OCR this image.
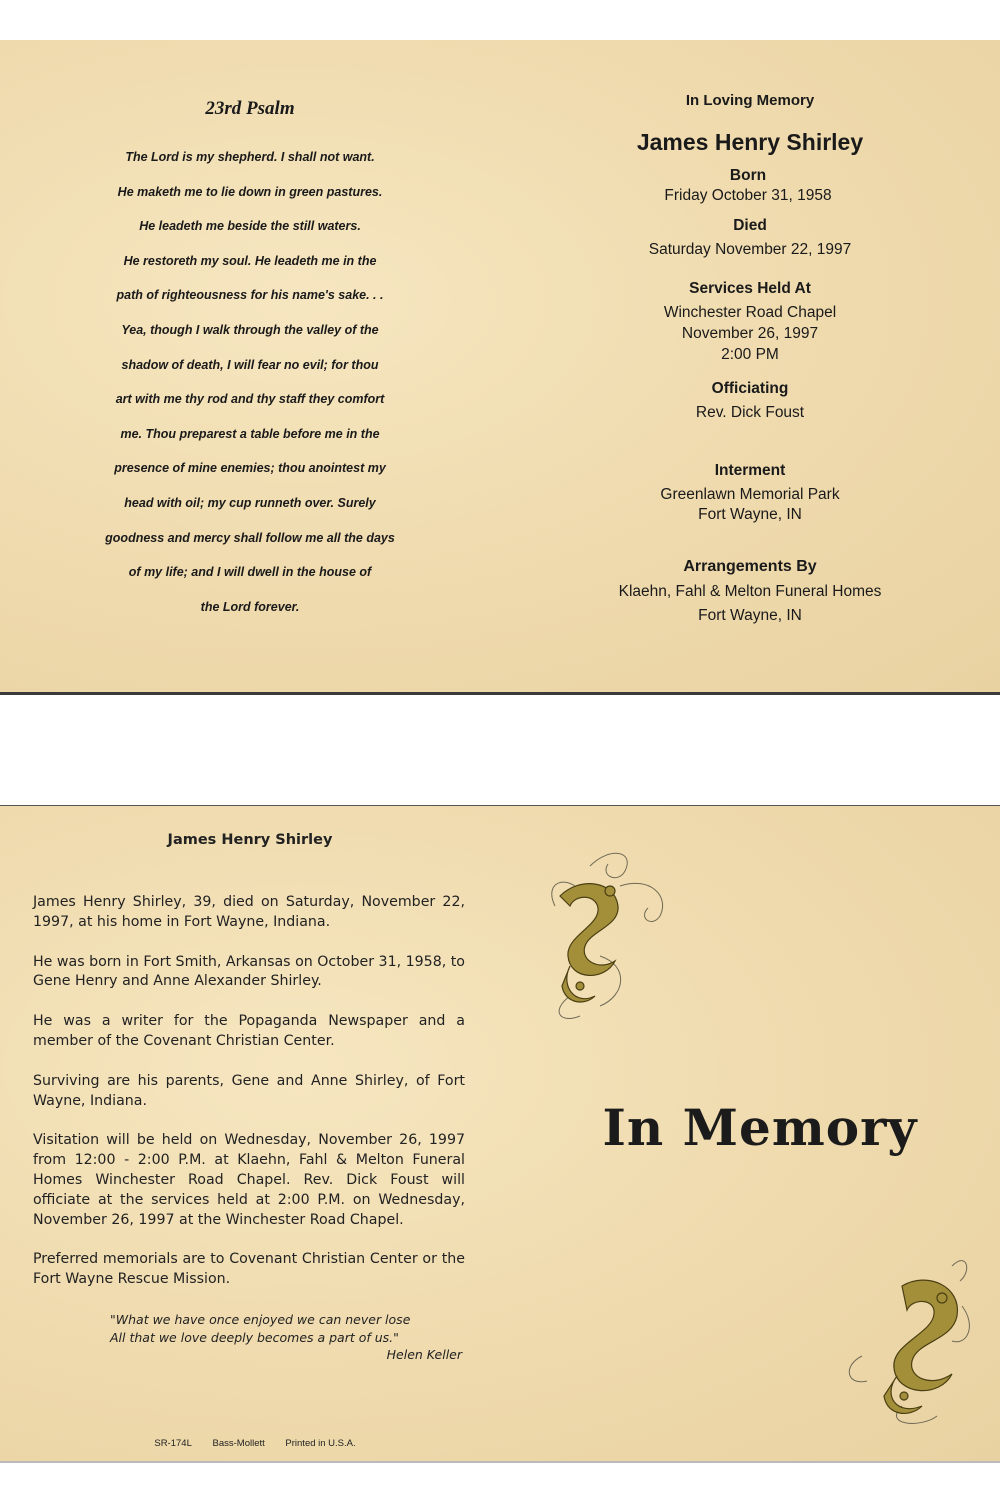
23rd Psalm
The Lord is my shepherd. I shall not want.
He maketh me to lie down in green pastures.
He leadeth me beside the still waters.
He restoreth my soul. He leadeth me in the
path of righteousness for his name's sake. . .
Yea, though I walk through the valley of the
shadow of death, I will fear no evil; for thou
art with me thy rod and thy staff they comfort
me. Thou preparest a table before me in the
presence of mine enemies; thou anointest my
head with oil; my cup runneth over. Surely
goodness and mercy shall follow me all the days
of my life; and I will dwell in the house of
the Lord forever.
In Loving Memory
James Henry Shirley
Born
Friday October 31, 1958
Died
Saturday November 22, 1997
Services Held At
Winchester Road Chapel
November 26, 1997
2:00 PM
Officiating
Rev. Dick Foust
Interment
Greenlawn Memorial Park
Fort Wayne, IN
Arrangements By
Klaehn, Fahl & Melton Funeral Homes
Fort Wayne, IN
James Henry Shirley

James Henry Shirley, 39, died on Saturday, November 22, 1997, at his home in Fort Wayne, Indiana.

He was born in Fort Smith, Arkansas on October 31, 1958, to Gene Henry and Anne Alexander Shirley.

He was a writer for the Popaganda Newspaper and a member of the Covenant Christian Center.

Surviving are his parents, Gene and Anne Shirley, of Fort Wayne, Indiana.

Visitation will be held on Wednesday, November 26, 1997 from 12:00 - 2:00 P.M. at Klaehn, Fahl & Melton Funeral Homes Winchester Road Chapel. Rev. Dick Foust will officiate at the services held at 2:00 P.M. on Wednesday, November 26, 1997 at the Winchester Road Chapel.

Preferred memorials are to Covenant Christian Center or the Fort Wayne Rescue Mission.

"What we have once enjoyed we can never lose
All that we love deeply becomes a part of us."
Helen Keller
SR-174L Bass-Mollett Printed in U.S.A.
In Memory
